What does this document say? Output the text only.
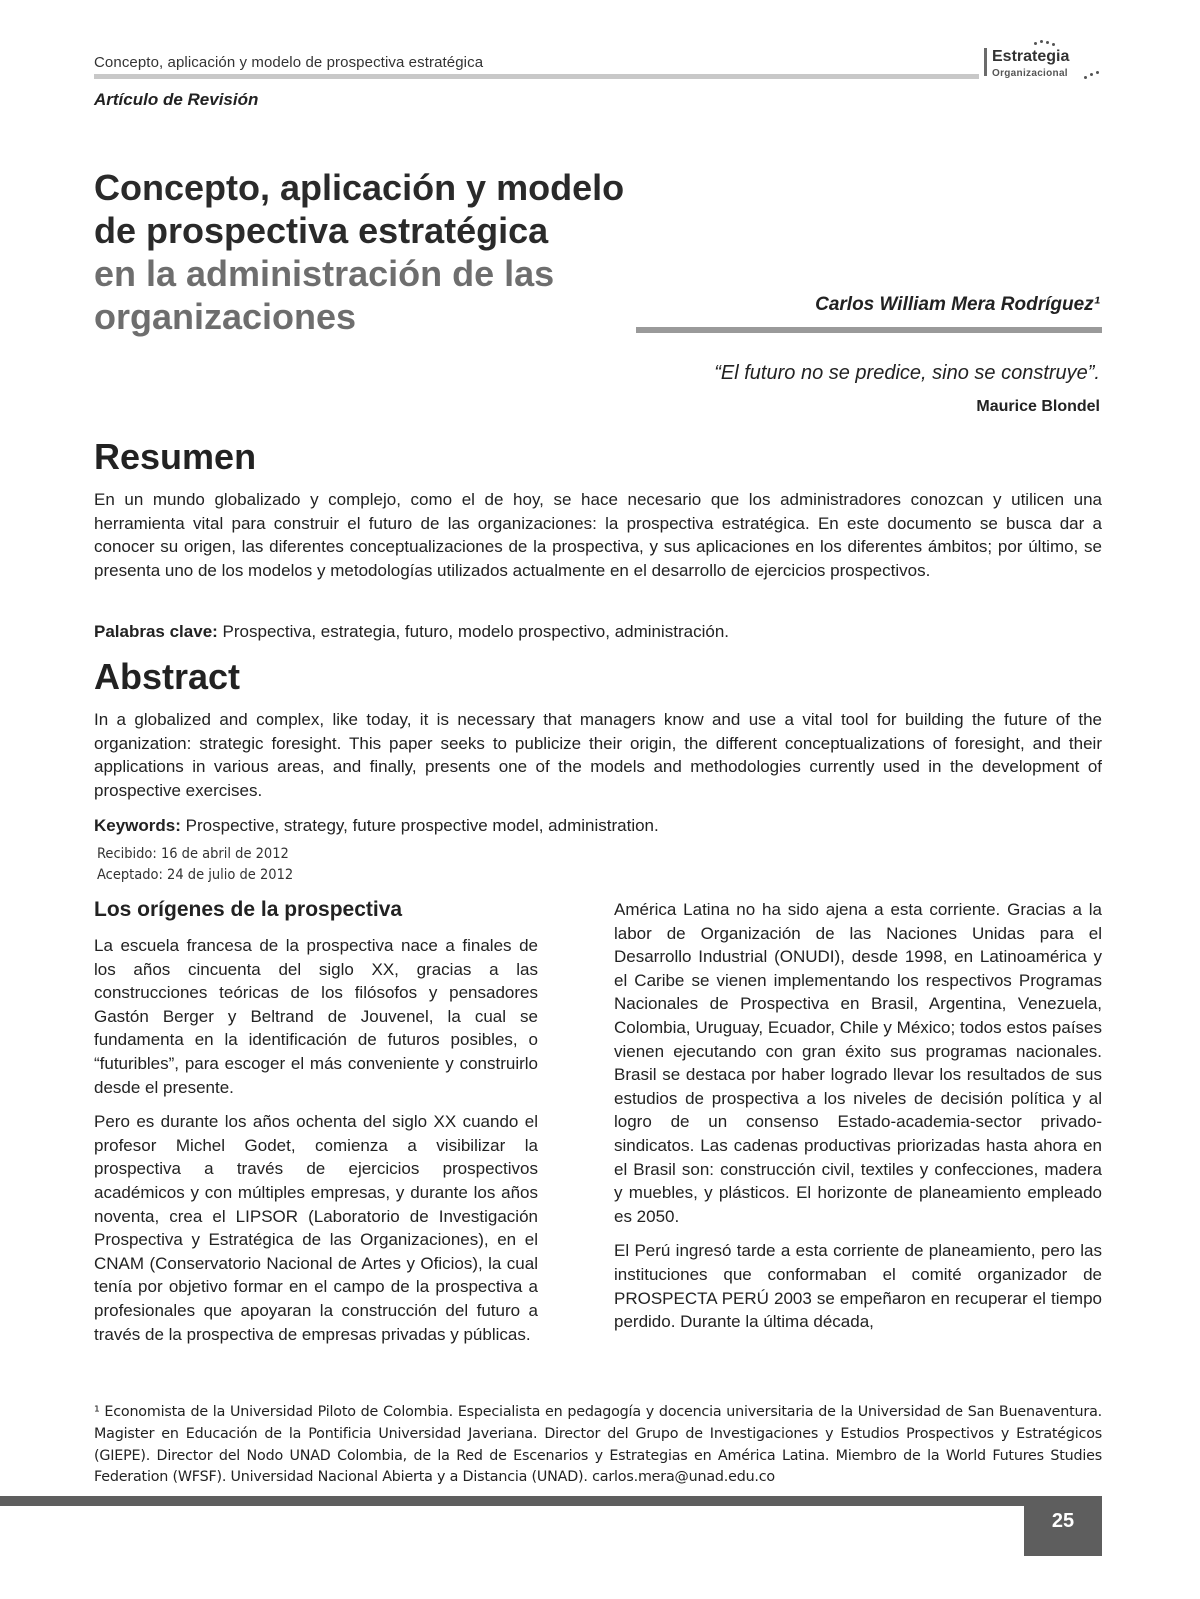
Concepto, aplicación y modelo de prospectiva estratégica	Estrategia
Organizacional
Artículo de Revisión
Concepto, aplicación y modelo
de prospectiva estratégica
en la administración de las
organizaciones	Carlos William Mera Rodríguez¹
“El futuro no se predice, sino se construye”.
Maurice Blondel
Resumen
En un mundo globalizado y complejo, como el de hoy, se hace necesario que los administradores conozcan y utilicen una herramienta vital para construir el futuro de las organizaciones: la prospectiva estratégica. En este documento se busca dar a conocer su origen, las diferentes conceptualizaciones de la prospectiva, y sus aplicaciones en los diferentes ámbitos; por último, se presenta uno de los modelos y metodologías utilizados actualmente en el desarrollo de ejercicios prospectivos.
Palabras clave: Prospectiva, estrategia, futuro, modelo prospectivo, administración.
Abstract
In a globalized and complex, like today, it is necessary that managers know and use a vital tool for building the future of the organization: strategic foresight. This paper seeks to publicize their origin, the different conceptualizations of foresight, and their applications in various areas, and finally, presents one of the models and methodologies currently used in the development of prospective exercises.
Keywords: Prospective, strategy, future prospective model, administration.
Recibido: 16 de abril de 2012
Aceptado: 24 de julio de 2012
Los orígenes de la prospectiva

La escuela francesa de la prospectiva nace a finales de los años cincuenta del siglo XX, gracias a las construcciones teóricas de los filósofos y pensadores Gastón Berger y Beltrand de Jouvenel, la cual se fundamenta en la identificación de futuros posibles, o “futuribles”, para escoger el más conveniente y construirlo desde el presente.

Pero es durante los años ochenta del siglo XX cuando el profesor Michel Godet, comienza a visibilizar la prospectiva a través de ejercicios prospectivos académicos y con múltiples empresas, y durante los años noventa, crea el LIPSOR (Laboratorio de Investigación Prospectiva y Estratégica de las Organizaciones), en el CNAM (Conservatorio Nacional de Artes y Oficios), la cual tenía por objetivo formar en el campo de la prospectiva a profesionales que apoyaran la construcción del futuro a través de la prospectiva de empresas privadas y públicas.

América Latina no ha sido ajena a esta corriente. Gracias a la labor de Organización de las Naciones Unidas para el Desarrollo Industrial (ONUDI), desde 1998, en Latinoamérica y el Caribe se vienen implementando los respectivos Programas Nacionales de Prospectiva en Brasil, Argentina, Venezuela, Colombia, Uruguay, Ecuador, Chile y México; todos estos países vienen ejecutando con gran éxito sus programas nacionales. Brasil se destaca por haber logrado llevar los resultados de sus estudios de prospectiva a los niveles de decisión política y al logro de un consenso Estado-academia-sector privado-sindicatos. Las cadenas productivas priorizadas hasta ahora en el Brasil son: construcción civil, textiles y confecciones, madera y muebles, y plásticos. El horizonte de planeamiento empleado es 2050.

El Perú ingresó tarde a esta corriente de planeamiento, pero las instituciones que conformaban el comité organizador de PROSPECTA PERÚ 2003 se empeñaron en recuperar el tiempo perdido. Durante la última década,

¹ Economista de la Universidad Piloto de Colombia. Especialista en pedagogía y docencia universitaria de la Universidad de San Buenaventura. Magister en Educación de la Pontificia Universidad Javeriana. Director del Grupo de Investigaciones y Estudios Prospectivos y Estratégicos (GIEPE). Director del Nodo UNAD Colombia, de la Red de Escenarios y Estrategias en América Latina. Miembro de la World Futures Studies Federation (WFSF). Universidad Nacional Abierta y a Distancia (UNAD). carlos.mera@unad.edu.co
25
